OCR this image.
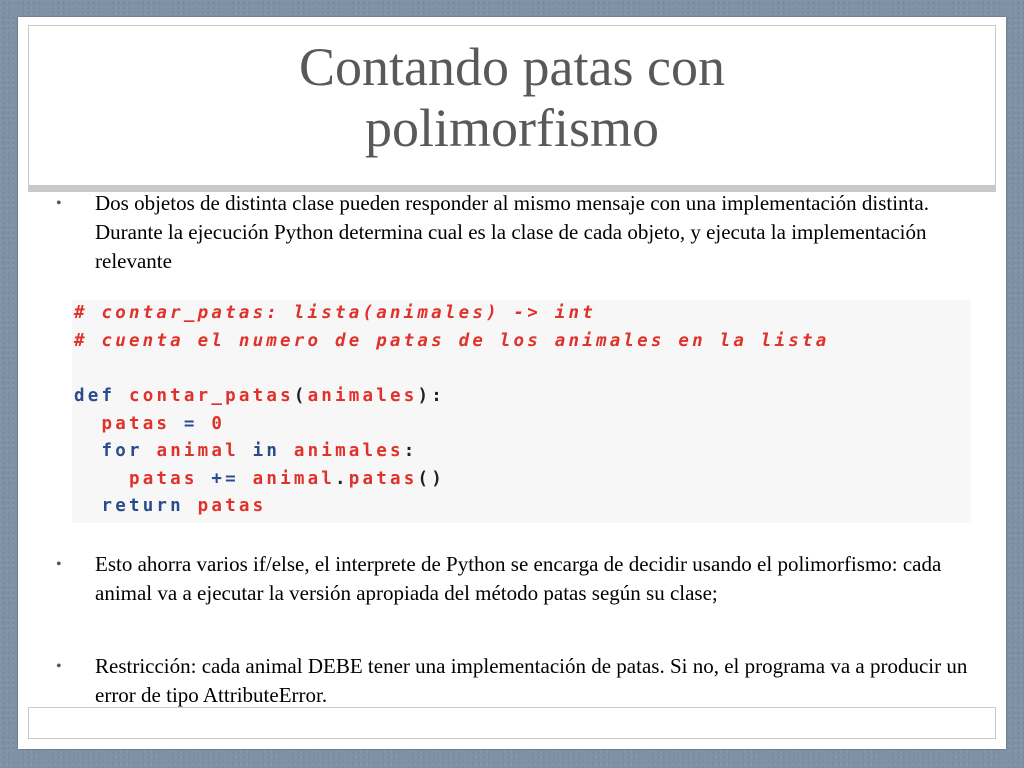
Contando patas con
polimorfismo
•	Dos objetos de distinta clase pueden responder al mismo mensaje con una implementación distinta. Durante la ejecución Python determina cual es la clase de cada objeto, y ejecuta la implementación relevante
•	Esto ahorra varios if/else, el interprete de Python se encarga de decidir usando el polimorfismo: cada animal va a ejecutar la versión apropiada del método patas según su clase;
•	Restricción: cada animal DEBE tener una implementación de patas. Si no, el programa va a producir un error de tipo AttributeError.

# contar_patas: lista(animales) -> int

# cuenta el numero de patas de los animales en la lista

def contar_patas(animales):

patas = 0

for animal in animales:

patas += animal.patas()

return patas
